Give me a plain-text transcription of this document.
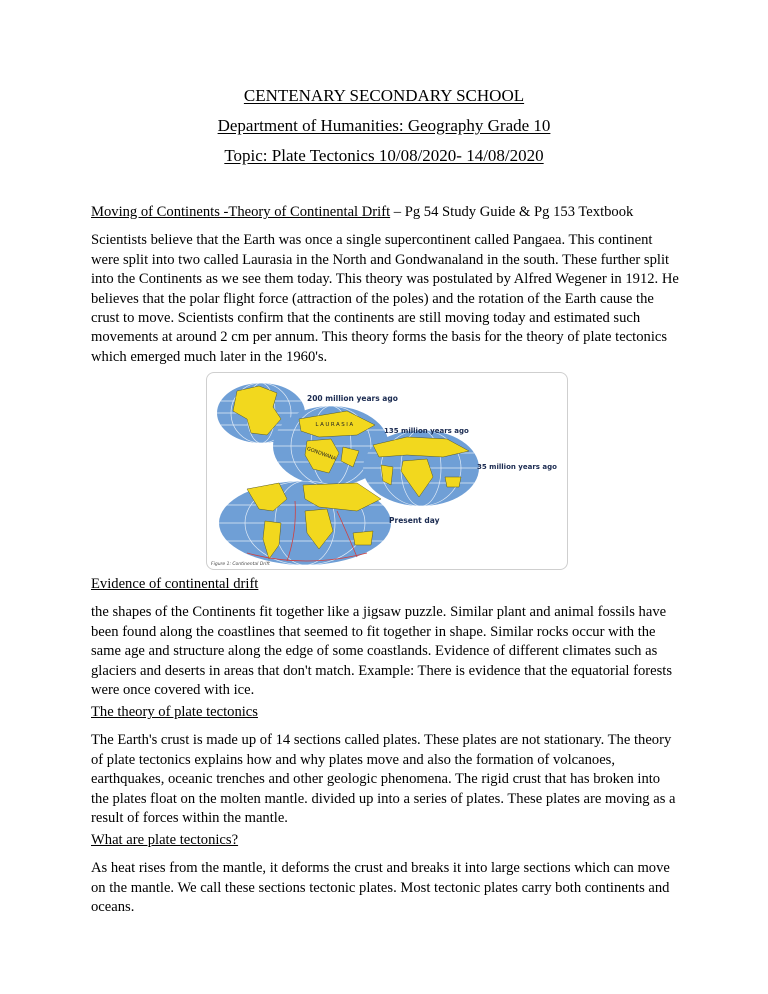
CENTENARY SECONDARY SCHOOL
Department of Humanities: Geography Grade 10
Topic: Plate Tectonics 10/08/2020- 14/08/2020

Moving of Continents -Theory of Continental Drift – Pg 54 Study Guide & Pg 153 Textbook

Scientists believe that the Earth was once a single supercontinent called Pangaea. This continent were split into two called Laurasia in the North and Gondwanaland in the south. These further split into the Continents as we see them today. This theory was postulated by Alfred Wegener in 1912. He believes that the polar flight force (attraction of the poles) and the rotation of the Earth cause the crust to move. Scientists confirm that the continents are still moving today and estimated such movements at around 2 cm per annum. This theory forms the basis for the theory of plate tectonics which emerged much later in the 1960's.

LAURASIA
GONDWANA
200 million years ago
135 million years ago
35 million years ago
Present day
Figure 1: Continental Drift

Evidence of continental drift

the shapes of the Continents fit together like a jigsaw puzzle. Similar plant and animal fossils have been found along the coastlines that seemed to fit together in shape. Similar rocks occur with the same age and structure along the edge of some coastlands. Evidence of different climates such as glaciers and deserts in areas that don't match. Example: There is evidence that the equatorial forests were once covered with ice.

The theory of plate tectonics

The Earth's crust is made up of 14 sections called plates. These plates are not stationary. The theory of plate tectonics explains how and why plates move and also the formation of volcanoes, earthquakes, oceanic trenches and other geologic phenomena. The rigid crust that has broken into the plates float on the molten mantle. divided up into a series of plates. These plates are moving as a result of forces within the mantle.

What are plate tectonics?

As heat rises from the mantle, it deforms the crust and breaks it into large sections which can move on the mantle. We call these sections tectonic plates. Most tectonic plates carry both continents and oceans.
